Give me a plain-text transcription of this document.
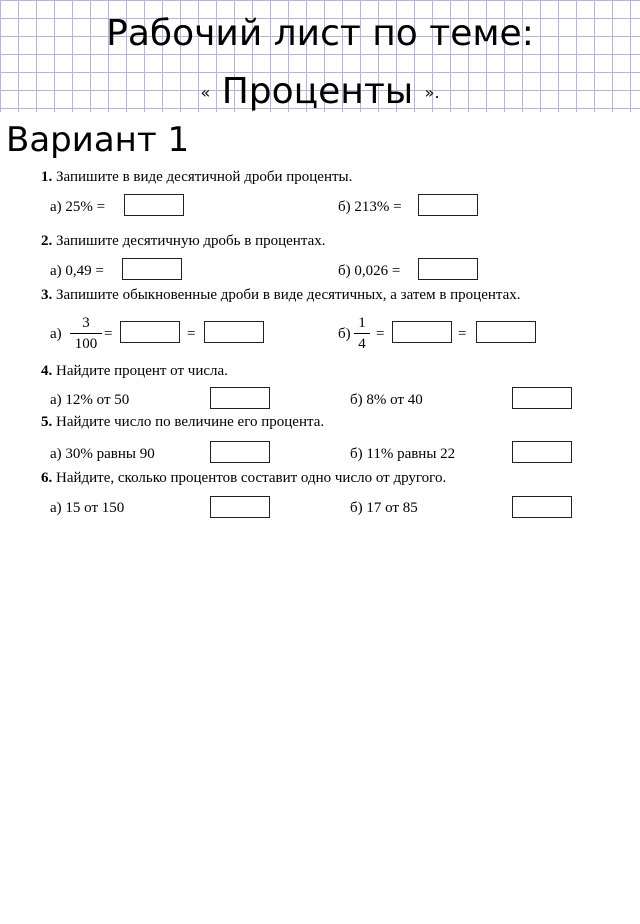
Рабочий лист по теме:
« Проценты ».
Вариант 1
1. Запишите в виде десятичной дроби проценты.
а) 25% =	б) 213% =
2. Запишите десятичную дробь в процентах.
а) 0,49 =	б) 0,026 =
3. Запишите обыкновенные дроби в виде десятичных, а затем в процентах.
а)
3
100
=	=	б)
1
4
=	=
4. Найдите процент от числа.
а) 12% от 50	б) 8% от 40
5. Найдите число по величине его процента.
а) 30% равны 90	б) 11% равны 22
6. Найдите, сколько процентов составит одно число от другого.
а) 15 от 150	б) 17 от 85
